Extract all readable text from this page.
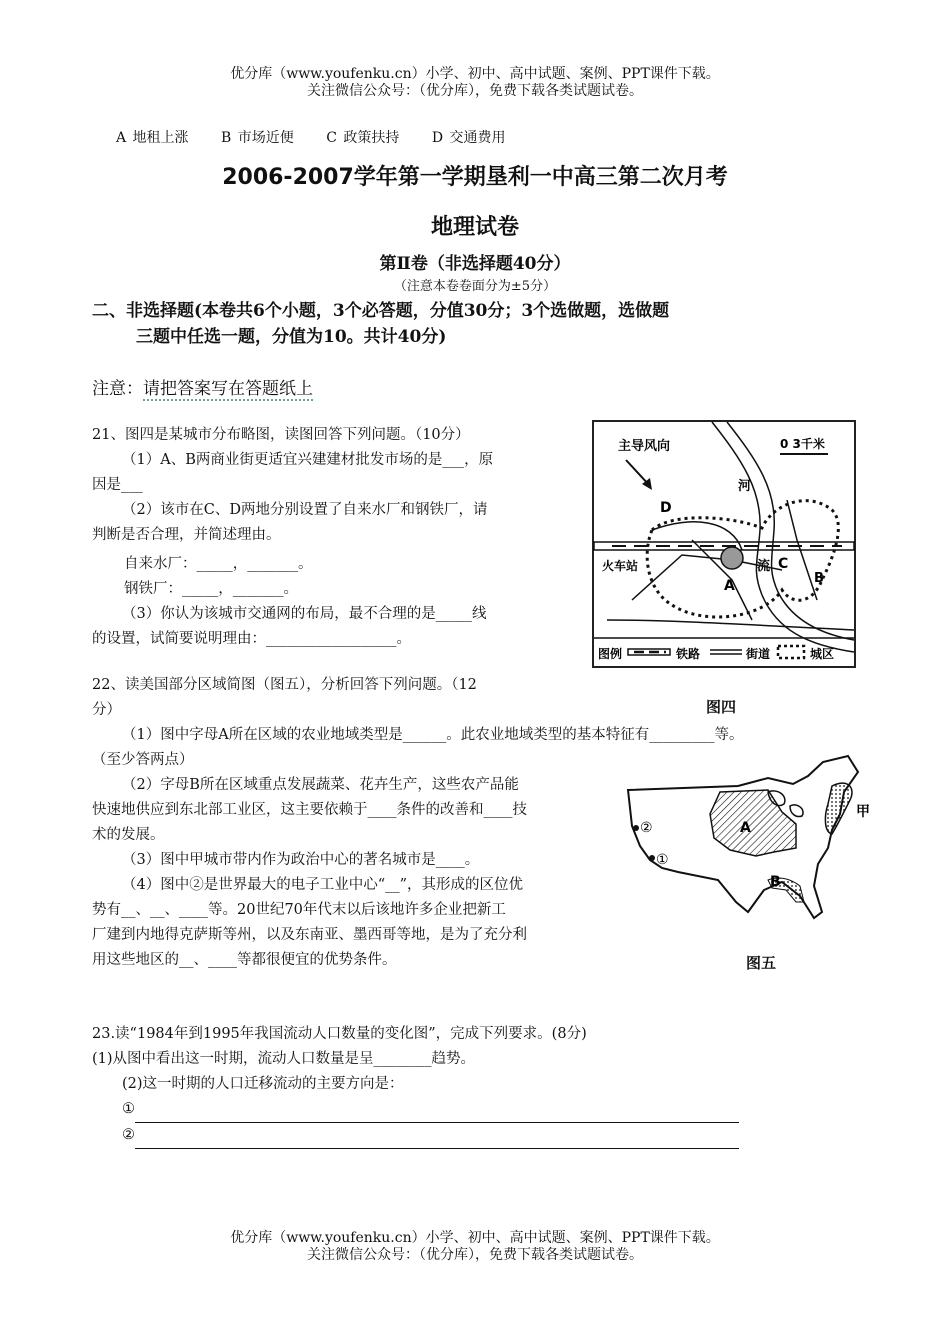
优分库（www.youfenku.cn）小学、初中、高中试题、案例、PPT课件下载。
关注微信公众号：（优分库），免费下载各类试题试卷。
A 地租上涨 B 市场近便 C 政策扶持 D 交通费用
2006-2007学年第一学期垦利一中高三第二次月考
地理试卷
第Ⅱ卷（非选择题40分）
（注意本卷卷面分为±5分）
二、非选择题(本卷共6个小题，3个必答题，分值30分；3个选做题，选做题
三题中任选一题，分值为10。共计40分)
注意：请把答案写在答题纸上
21、图四是某城市分布略图，读图回答下列问题。（10分）
（1）A、B两商业街更适宜兴建建材批发市场的是___，原
因是___
（2）该市在C、D两地分别设置了自来水厂和钢铁厂，请
判断是否合理，并简述理由。
自来水厂：_____，_______。
钢铁厂：_____，_______。
（3）你认为该城市交通网的布局，最不合理的是_____线
的设置，试简要说明理由：__________________。
主导风向	0 3千米
河
流
D
A
C
B
火车站
图例	铁路	街道	城区
图四
22、读美国部分区域简图（图五），分析回答下列问题。（12
分）
（1）图中字母A所在区域的农业地域类型是______。此农业地域类型的基本特征有_________等。
（至少答两点）
（2）字母B所在区域重点发展蔬菜、花卉生产，这些农产品能
快速地供应到东北部工业区，这主要依赖于____条件的改善和____技
术的发展。
（3）图中甲城市带内作为政治中心的著名城市是____。
（4）图中②是世界最大的电子工业中心“__”，其形成的区位优
势有__、__、____等。20世纪70年代末以后该地许多企业把新工
厂建到内地得克萨斯等州，以及东南亚、墨西哥等地，是为了充分利
用这些地区的__、____等都很便宜的优势条件。
A
B
②
①
甲
图五
23.读“1984年到1995年我国流动人口数量的变化图”，完成下列要求。(8分)
(1)从图中看出这一时期，流动人口数量是呈________趋势。
(2)这一时期的人口迁移流动的主要方向是：
①
②
优分库（www.youfenku.cn）小学、初中、高中试题、案例、PPT课件下载。
关注微信公众号：（优分库），免费下载各类试题试卷。
